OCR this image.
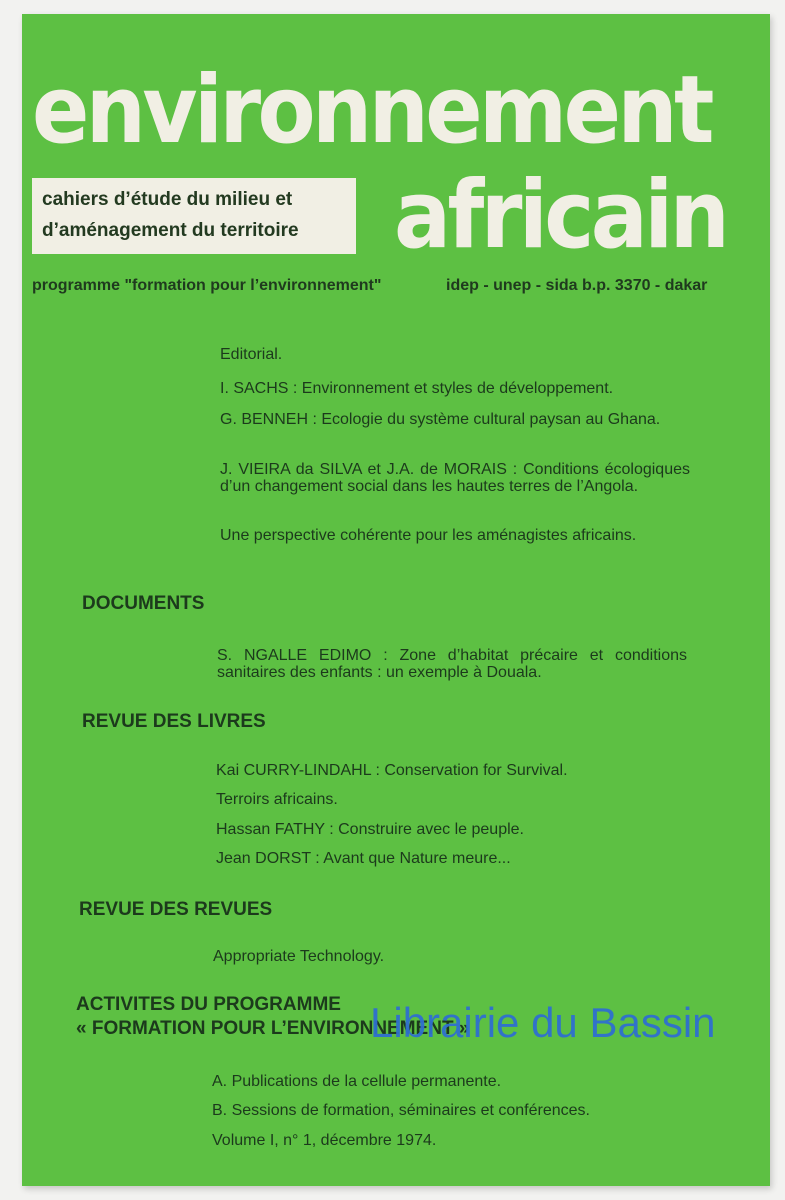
environnement
africain
cahiers d’étude du milieu et
d’aménagement du territoire
programme "formation pour l’environnement"	idep - unep - sida b.p. 3370 - dakar
Editorial.
I. SACHS : Environnement et styles de développement.
G. BENNEH : Ecologie du système cultural paysan au Ghana.
J. VIEIRA da SILVA et J.A. de MORAIS : Conditions écologiques d’un changement social dans les hautes terres de l’Angola.
Une perspective cohérente pour les aménagistes africains.
DOCUMENTS
S. NGALLE EDIMO : Zone d’habitat précaire et conditions sanitaires des enfants : un exemple à Douala.
REVUE DES LIVRES
Kai CURRY-LINDAHL : Conservation for Survival.
Terroirs africains.
Hassan FATHY : Construire avec le peuple.
Jean DORST : Avant que Nature meure...
REVUE DES REVUES
Appropriate Technology.
ACTIVITES DU PROGRAMME
« FORMATION POUR L’ENVIRONNEMENT »
A. Publications de la cellule permanente.
B. Sessions de formation, séminaires et conférences.
Volume I, n° 1, décembre 1974.
Librairie du Bassin
